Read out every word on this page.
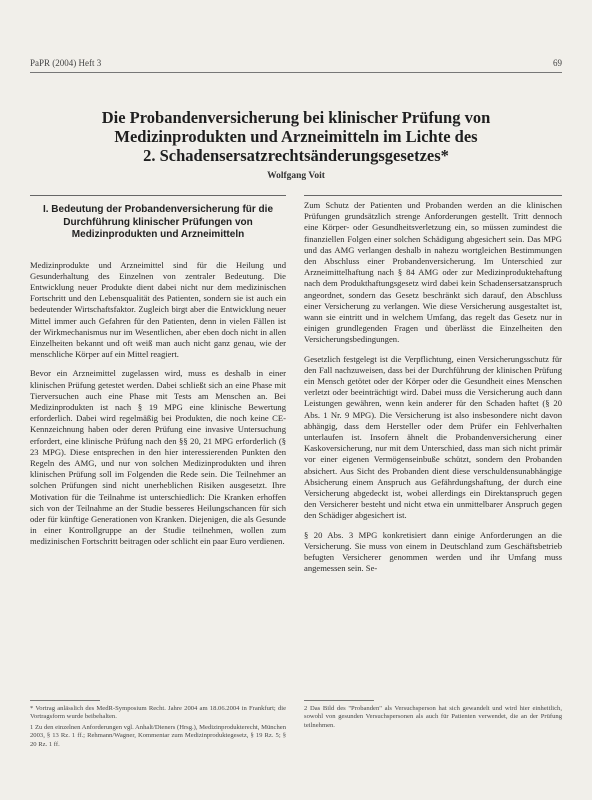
PaPR (2004) Heft 3	69
Die Probandenversicherung bei klinischer Prüfung von
Medizinprodukten und Arzneimitteln im Lichte des
2. Schadensersatzrechtsänderungsgesetzes*
Wolfgang Voit
I. Bedeutung der Probandenversicherung für die Durchführung klinischer Prüfungen von Medizinprodukten und Arzneimitteln

Medizinprodukte und Arzneimittel sind für die Heilung und Gesunderhaltung des Einzelnen von zentraler Bedeutung. Die Entwicklung neuer Produkte dient dabei nicht nur dem medizinischen Fortschritt und den Lebensqualität des Patienten, sondern sie ist auch ein bedeutender Wirtschaftsfaktor. Zugleich birgt aber die Entwicklung neuer Mittel immer auch Gefahren für den Patienten, denn in vielen Fällen ist der Wirkmechanismus nur im Wesentlichen, aber eben doch nicht in allen Einzelheiten bekannt und oft weiß man auch nicht ganz genau, wie der menschliche Körper auf ein Mittel reagiert.

Bevor ein Arzneimittel zugelassen wird, muss es deshalb in einer klinischen Prüfung getestet werden. Dabei schließt sich an eine Phase mit Tierversuchen auch eine Phase mit Tests am Menschen an. Bei Medizinprodukten ist nach § 19 MPG eine klinische Bewertung erforderlich. Dabei wird regelmäßig bei Produkten, die noch keine CE-Kennzeichnung haben oder deren Prüfung eine invasive Untersuchung erfordert, eine klinische Prüfung nach den §§ 20, 21 MPG erforderlich (§ 23 MPG). Diese entsprechen in den hier interessierenden Punkten den Regeln des AMG, und nur von solchen Medizinprodukten und ihren klinischen Prüfung soll im Folgenden die Rede sein. Die Teilnehmer an solchen Prüfungen sind nicht unerheblichen Risiken ausgesetzt. Ihre Motivation für die Teilnahme ist unterschiedlich: Die Kranken erhoffen sich von der Teilnahme an der Studie besseres Heilungschancen für sich oder für künftige Generationen von Kranken. Diejenigen, die als Gesunde in einer Kontrollgruppe an der Studie teilnehmen, wollen zum medizinischen Fortschritt beitragen oder schlicht ein paar Euro verdienen.

Zum Schutz der Patienten und Probanden werden an die klinischen Prüfungen grundsätzlich strenge Anforderungen gestellt. Tritt dennoch eine Körper- oder Gesundheitsverletzung ein, so müssen zumindest die finanziellen Folgen einer solchen Schädigung abgesichert sein. Das MPG und das AMG verlangen deshalb in nahezu wortgleichen Bestimmungen den Abschluss einer Probandenversicherung. Im Unterschied zur Arzneimittelhaftung nach § 84 AMG oder zur Medizinproduktehaftung nach dem Produkthaftungsgesetz wird dabei kein Schadensersatzanspruch angeordnet, sondern das Gesetz beschränkt sich darauf, den Abschluss einer Versicherung zu verlangen. Wie diese Versicherung ausgestaltet ist, wann sie eintritt und in welchem Umfang, das regelt das Gesetz nur in einigen grundlegenden Fragen und überlässt die Einzelheiten den Versicherungsbedingungen.

Gesetzlich festgelegt ist die Verpflichtung, einen Versicherungsschutz für den Fall nachzuweisen, dass bei der Durchführung der klinischen Prüfung ein Mensch getötet oder der Körper oder die Gesundheit eines Menschen verletzt oder beeinträchtigt wird. Dabei muss die Versicherung auch dann Leistungen gewähren, wenn kein anderer für den Schaden haftet (§ 20 Abs. 1 Nr. 9 MPG). Die Versicherung ist also insbesondere nicht davon abhängig, dass dem Hersteller oder dem Prüfer ein Fehlverhalten unterlaufen ist. Insofern ähnelt die Probandenversicherung einer Kaskoversicherung, nur mit dem Unterschied, dass man sich nicht primär vor einer eigenen Vermögenseinbuße schützt, sondern den Probanden absichert. Aus Sicht des Probanden dient diese verschuldensunabhängige Absicherung einem Anspruch aus Gefährdungshaftung, der durch eine Versicherung abgedeckt ist, wobei allerdings ein Direktanspruch gegen den Versicherer besteht und nicht etwa ein unmittelbarer Anspruch gegen den Schädiger abgesichert ist.

§ 20 Abs. 3 MPG konkretisiert dann einige Anforderungen an die Versicherung. Sie muss von einem in Deutschland zum Geschäftsbetrieb befugten Versicherer genommen werden und ihr Umfang muss angemessen sein. Se-

* Vortrag anlässlich des MedR-Symposium Recht. Jahre 2004 am 18.06.2004 in Frankfurt; die Vortragsform wurde beibehalten.

1 Zu den einzelnen Anforderungen vgl. Anhalt/Dieners (Hrsg.), Medizinprodukterecht, München 2003, § 13 Rz. 1 ff.; Rehmann/Wagner, Kommentar zum Medizinproduktegesetz, § 19 Rz. 5; § 20 Rz. 1 ff.

2 Das Bild des "Probanden" als Versuchsperson hat sich gewandelt und wird hier einheitlich, sowohl von gesunden Versuchspersonen als auch für Patienten verwendet, die an der Prüfung teilnehmen.
